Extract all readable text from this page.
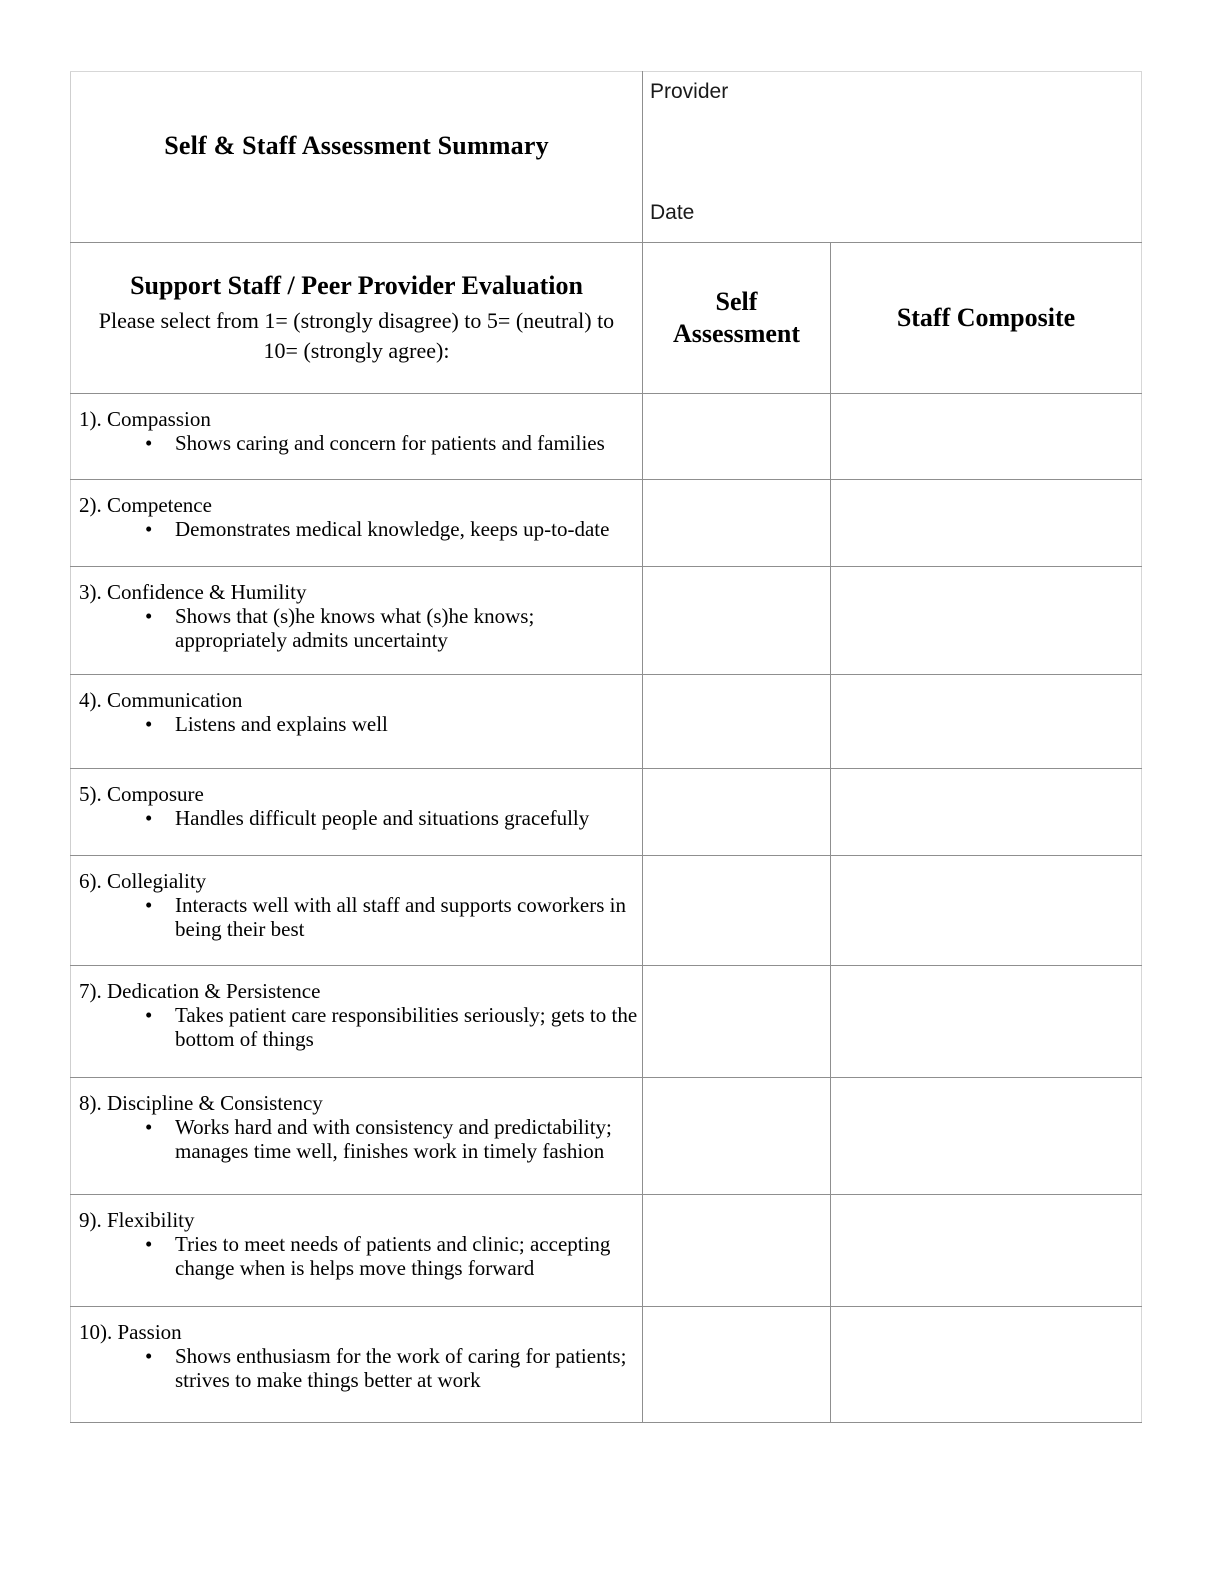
Self & Staff Assessment Summary	Provider
Date	

Support Staff / Peer Provider Evaluation
Please select from 1= (strongly disagree) to 5= (neutral) to 10= (strongly agree):	Self Assessment	Staff Composite

1). Compassion
•
Shows caring and concern for patients and families

2). Competence
•
Demonstrates medical knowledge, keeps up-to-date

3). Confidence & Humility
•
Shows that (s)he knows what (s)he knows; appropriately admits uncertainty

4). Communication
•
Listens and explains well

5). Composure
•
Handles difficult people and situations gracefully

6). Collegiality
•
Interacts well with all staff and supports coworkers in being their best

7). Dedication & Persistence
•
Takes patient care responsibilities seriously; gets to the bottom of things

8). Discipline & Consistency
•
Works hard and with consistency and predictability; manages time well, finishes work in timely fashion

9). Flexibility
•
Tries to meet needs of patients and clinic; accepting change when is helps move things forward

10). Passion
•
Shows enthusiasm for the work of caring for patients; strives to make things better at work
